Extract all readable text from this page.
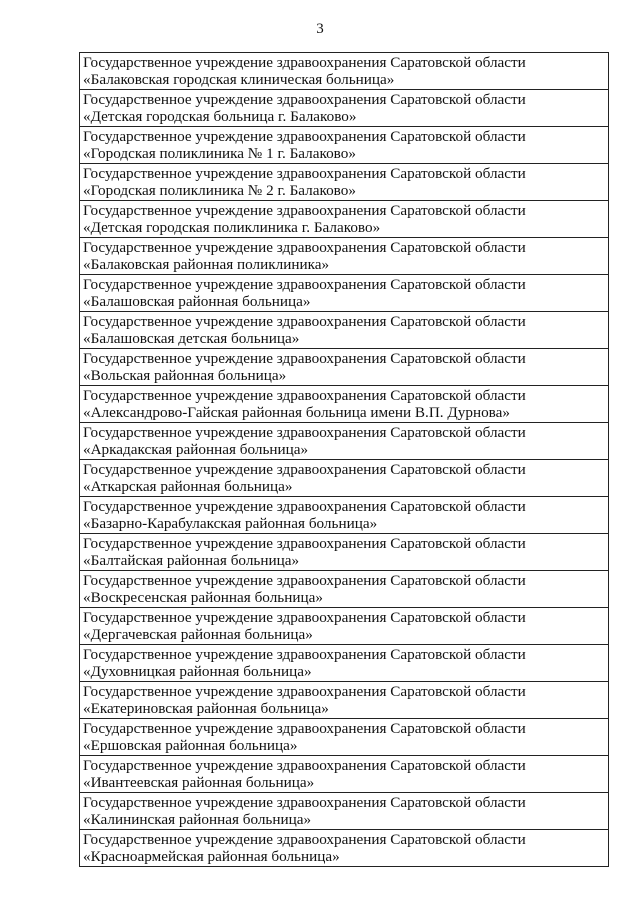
3
Государственное учреждение здравоохранения Саратовской области
«Балаковская городская клиническая больница»

Государственное учреждение здравоохранения Саратовской области
«Детская городская больница г. Балаково»

Государственное учреждение здравоохранения Саратовской области
«Городская поликлиника № 1 г. Балаково»

Государственное учреждение здравоохранения Саратовской области
«Городская поликлиника № 2 г. Балаково»

Государственное учреждение здравоохранения Саратовской области
«Детская городская поликлиника г. Балаково»

Государственное учреждение здравоохранения Саратовской области
«Балаковская районная поликлиника»

Государственное учреждение здравоохранения Саратовской области
«Балашовская районная больница»

Государственное учреждение здравоохранения Саратовской области
«Балашовская детская больница»

Государственное учреждение здравоохранения Саратовской области
«Вольская районная больница»

Государственное учреждение здравоохранения Саратовской области
«Александрово-Гайская районная больница имени В.П. Дурнова»

Государственное учреждение здравоохранения Саратовской области
«Аркадакская районная больница»

Государственное учреждение здравоохранения Саратовской области
«Аткарская районная больница»

Государственное учреждение здравоохранения Саратовской области
«Базарно-Карабулакская районная больница»

Государственное учреждение здравоохранения Саратовской области
«Балтайская районная больница»

Государственное учреждение здравоохранения Саратовской области
«Воскресенская районная больница»

Государственное учреждение здравоохранения Саратовской области
«Дергачевская районная больница»

Государственное учреждение здравоохранения Саратовской области
«Духовницкая районная больница»

Государственное учреждение здравоохранения Саратовской области
«Екатериновская районная больница»

Государственное учреждение здравоохранения Саратовской области
«Ершовская районная больница»

Государственное учреждение здравоохранения Саратовской области
«Ивантеевская районная больница»

Государственное учреждение здравоохранения Саратовской области
«Калининская районная больница»

Государственное учреждение здравоохранения Саратовской области
«Красноармейская районная больница»
